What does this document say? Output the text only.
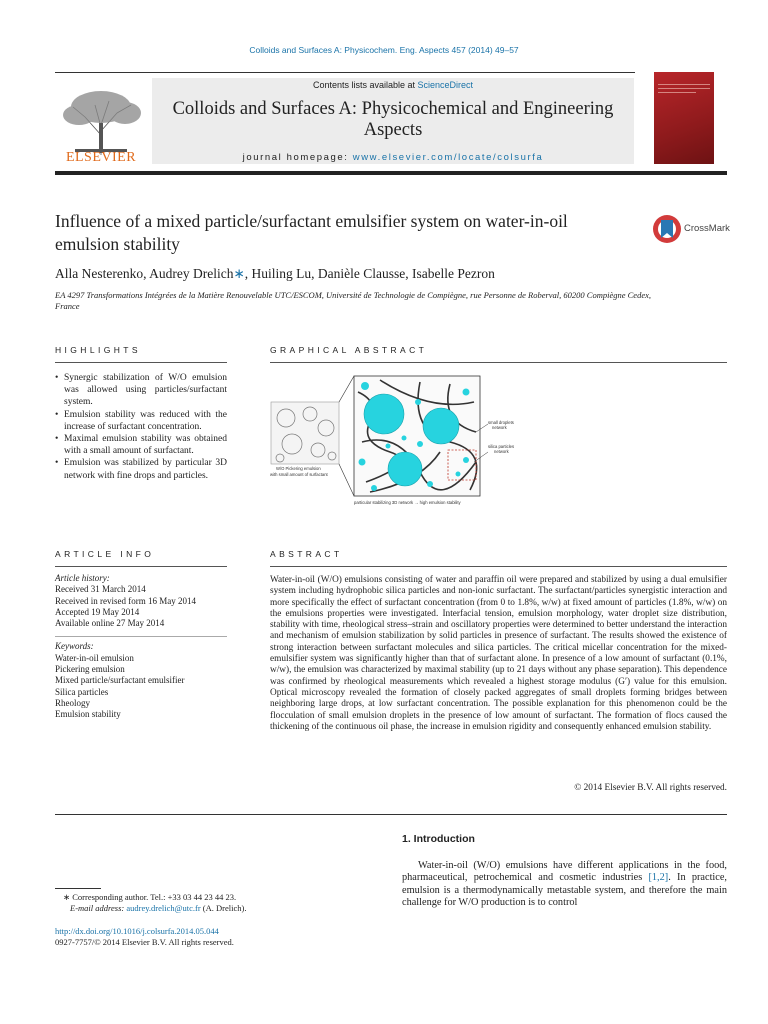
Colloids and Surfaces A: Physicochem. Eng. Aspects 457 (2014) 49–57
ELSEVIER
Contents lists available at ScienceDirect
Colloids and Surfaces A: Physicochemical and Engineering Aspects
journal homepage: www.elsevier.com/locate/colsurfa
Influence of a mixed particle/surfactant emulsifier system on water-in-oil emulsion stability
CrossMark
Alla Nesterenko, Audrey Drelich∗, Huiling Lu, Danièle Clausse, Isabelle Pezron
EA 4297 Transformations Intégrées de la Matière Renouvelable UTC/ESCOM, Université de Technologie de Compiègne, rue Personne de Roberval, 60200 Compiègne Cedex, France
HIGHLIGHTS
• Synergic stabilization of W/O emulsion was allowed using particles/surfactant system.
• Emulsion stability was reduced with the increase of surfactant concentration.
• Maximal emulsion stability was obtained with a small amount of surfactant.
• Emulsion was stabilized by particular 3D network with fine drops and particles.
GRAPHICAL ABSTRACT
W/O Pickering emulsion
with small amount of surfactant
small droplets
network
silica particles
network
particular stabilizing 3D network → high emulsion stability
ARTICLE INFO
Article history:
Received 31 March 2014
Received in revised form 16 May 2014
Accepted 19 May 2014
Available online 27 May 2014
Keywords:
Water-in-oil emulsion
Pickering emulsion
Mixed particle/surfactant emulsifier
Silica particles
Rheology
Emulsion stability
ABSTRACT
Water-in-oil (W/O) emulsions consisting of water and paraffin oil were prepared and stabilized by using a dual emulsifier system including hydrophobic silica particles and non-ionic surfactant. The surfactant/particles synergistic interaction and more specifically the effect of surfactant concentration (from 0 to 1.8%, w/w) at fixed amount of particles (1.8%, w/w) on the emulsions properties were investigated. Interfacial tension, emulsion morphology, water droplet size distribution, stability with time, rheological stress–strain and oscillatory properties were determined to better understand the interaction and mechanism of emulsion stabilization by solid particles in presence of surfactant. The results showed the existence of strong interaction between surfactant molecules and silica particles. The critical micellar concentration for the mixed-emulsifier system was significantly higher than that of surfactant alone. In presence of a low amount of surfactant (0.1%, w/w), the emulsion was characterized by maximal stability (up to 21 days without any phase separation). This dependence was confirmed by rheological measurements which revealed a highest storage modulus (G′) value for this emulsion. Optical microscopy revealed the formation of closely packed aggregates of small droplets forming bridges between neighboring large drops, at low surfactant concentration. The possible explanation for this phenomenon could be the flocculation of small emulsion droplets in the presence of low amount of surfactant. The formation of flocs caused the thickening of the continuous oil phase, the increase in emulsion rigidity and consequently enhanced emulsion stability.
© 2014 Elsevier B.V. All rights reserved.
1. Introduction
Water-in-oil (W/O) emulsions have different applications in the food, pharmaceutical, petrochemical and cosmetic industries [1,2]. In practice, emulsion is a thermodynamically metastable system, and therefore the main challenge for W/O production is to control
∗ Corresponding author. Tel.: +33 03 44 23 44 23.
E-mail address: audrey.drelich@utc.fr (A. Drelich).
http://dx.doi.org/10.1016/j.colsurfa.2014.05.044
0927-7757/© 2014 Elsevier B.V. All rights reserved.
